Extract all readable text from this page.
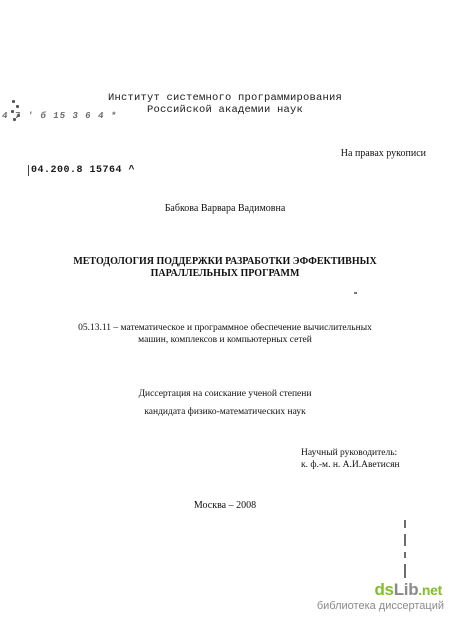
Институт системного программирования
Российской академии наук
4 7 ' б 15 3 6 4 *
На правах рукописи
04.200.8 15764 ^
Бабкова Варвара Вадимовна
МЕТОДОЛОГИЯ ПОДДЕРЖКИ РАЗРАБОТКИ ЭФФЕКТИВНЫХ
ПАРАЛЛЕЛЬНЫХ ПРОГРАММ
05.13.11 – математическое и программное обеспечение вычислительных
машин, комплексов и компьютерных сетей
Диссертация на соискание ученой степени
кандидата физико-математических наук
Научный руководитель:
к. ф.-м. н. А.И.Аветисян
Москва – 2008
dsLib.net
библиотека диссертаций
